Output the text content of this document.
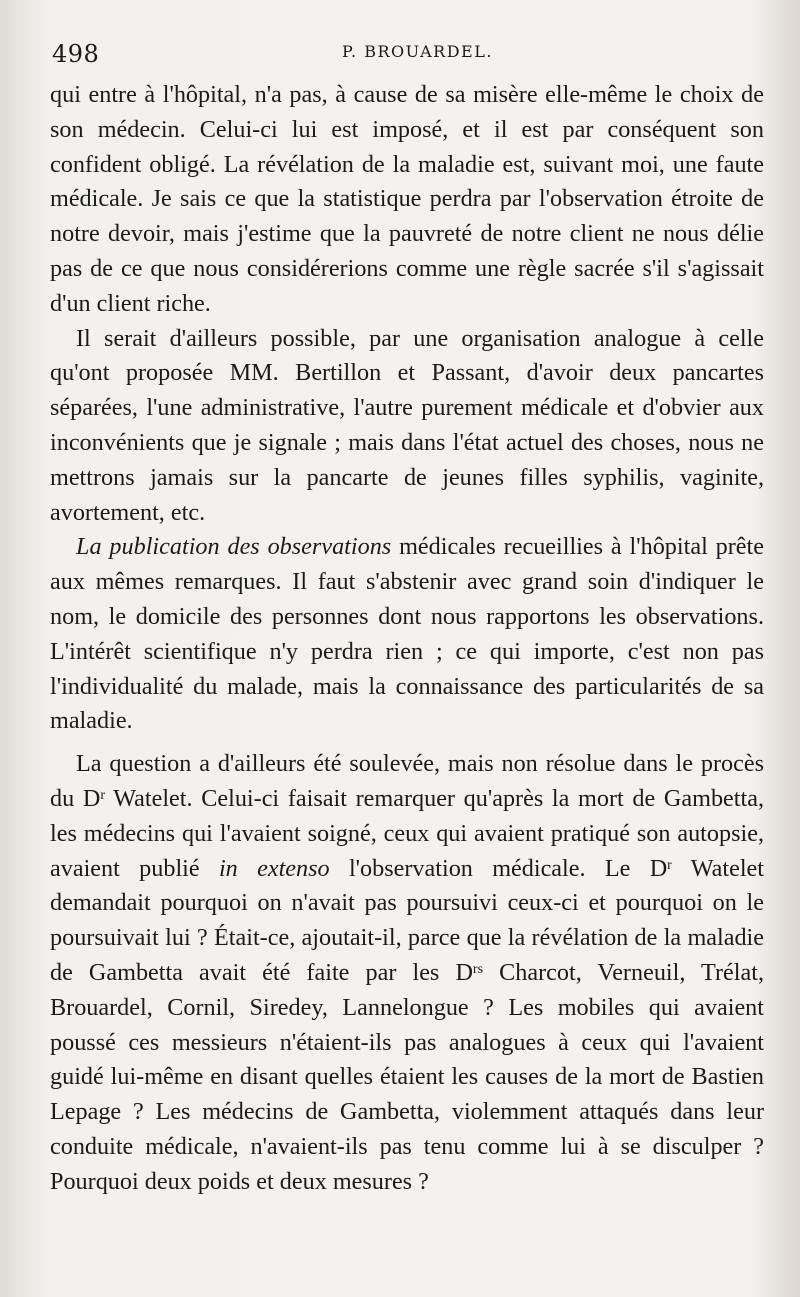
498	P. BROUARDEL.

qui entre à l'hôpital, n'a pas, à cause de sa misère elle-même le choix de son médecin. Celui-ci lui est imposé, et il est par conséquent son confident obligé. La révélation de la maladie est, suivant moi, une faute médicale. Je sais ce que la statistique perdra par l'observation étroite de notre devoir, mais j'estime que la pauvreté de notre client ne nous délie pas de ce que nous considérerions comme une règle sacrée s'il s'agissait d'un client riche.

Il serait d'ailleurs possible, par une organisation analogue à celle qu'ont proposée MM. Bertillon et Passant, d'avoir deux pancartes séparées, l'une administrative, l'autre purement médicale et d'obvier aux inconvénients que je signale ; mais dans l'état actuel des choses, nous ne mettrons jamais sur la pancarte de jeunes filles syphilis, vaginite, avortement, etc.

La publication des observations médicales recueillies à l'hôpital prête aux mêmes remarques. Il faut s'abstenir avec grand soin d'indiquer le nom, le domicile des personnes dont nous rapportons les observations. L'intérêt scientifique n'y perdra rien ; ce qui importe, c'est non pas l'individualité du malade, mais la connaissance des particularités de sa maladie.

La question a d'ailleurs été soulevée, mais non résolue dans le procès du $D^r$ Watelet. Celui-ci faisait remarquer qu'après la mort de Gambetta, les médecins qui l'avaient soigné, ceux qui avaient pratiqué son autopsie, avaient publié in extenso l'observation médicale. Le $D^r$ Watelet demandait pourquoi on n'avait pas poursuivi ceux-ci et pourquoi on le poursuivait lui ? Était-ce, ajoutait-il, parce que la révélation de la maladie de Gambetta avait été faite par les $D^{rs}$ Charcot, Verneuil, Trélat, Brouardel, Cornil, Siredey, Lannelongue ? Les mobiles qui avaient poussé ces messieurs n'étaient-ils pas analogues à ceux qui l'avaient guidé lui-même en disant quelles étaient les causes de la mort de Bastien Lepage ? Les médecins de Gambetta, violemment attaqués dans leur conduite médicale, n'avaient-ils pas tenu comme lui à se disculper ? Pourquoi deux poids et deux mesures ?
